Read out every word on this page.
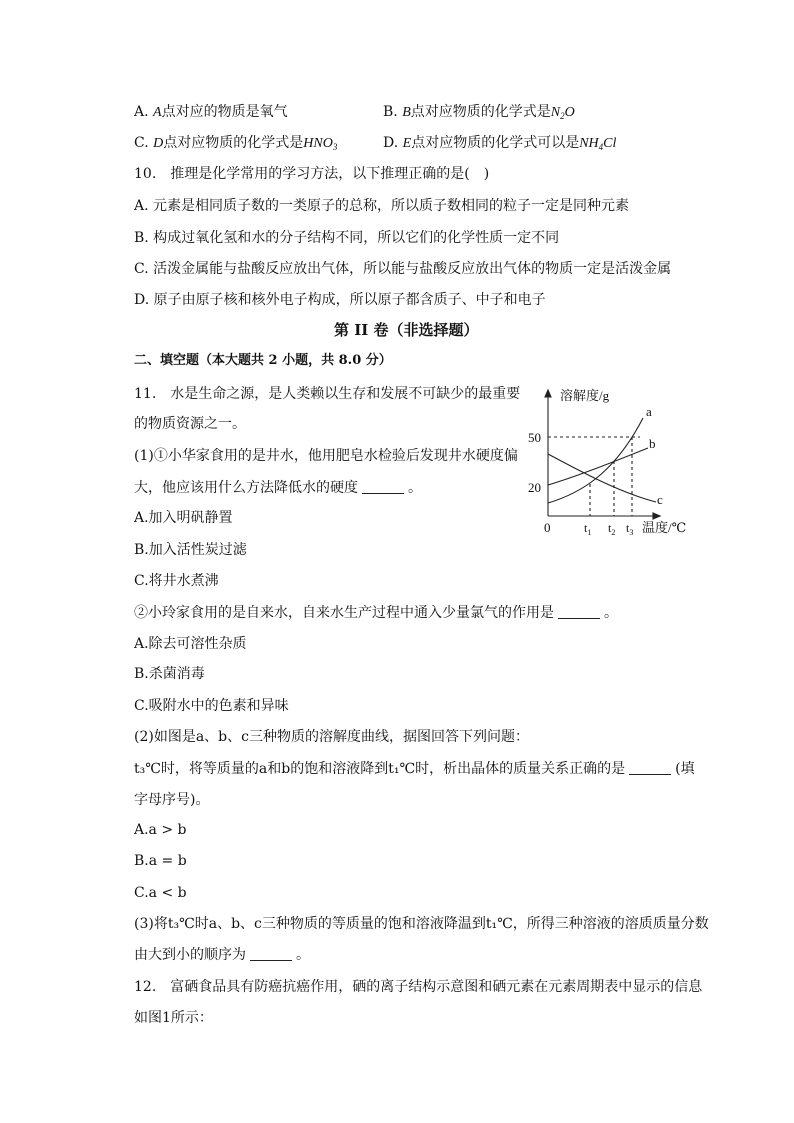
A. A点对应的物质是氧气	B. B点对应物质的化学式是$N_2O$
C. D点对应物质的化学式是$HNO_3$	D. E点对应物质的化学式可以是$NH_4Cl$
10.　推理是化学常用的学习方法，以下推理正确的是(　)
A. 元素是相同质子数的一类原子的总称，所以质子数相同的粒子一定是同种元素
B. 构成过氧化氢和水的分子结构不同，所以它们的化学性质一定不同
C. 活泼金属能与盐酸反应放出气体，所以能与盐酸反应放出气体的物质一定是活泼金属
D. 原子由原子核和核外电子构成，所以原子都含质子、中子和电子
第 II 卷（非选择题）
二、填空题（本大题共 2 小题，共 8.0 分）
11.　水是生命之源，是人类赖以生存和发展不可缺少的最重要
的物质资源之一。
(1)①小华家食用的是井水，他用肥皂水检验后发现井水硬度偏
大，他应该用什么方法降低水的硬度	。
A.加入明矾静置
B.加入活性炭过滤
C.将井水煮沸
②小玲家食用的是自来水，自来水生产过程中通入少量氯气的作用是	。
A.除去可溶性杂质
B.杀菌消毒
C.吸附水中的色素和异味
(2)如图是a、b、c三种物质的溶解度曲线，据图回答下列问题：
t₃℃时，将等质量的a和b的饱和溶液降到t₁℃时，析出晶体的质量关系正确的是	(填
字母序号)。
A.a > b
B.a = b
C.a < b
(3)将t₃℃时a、b、c三种物质的等质量的饱和溶液降温到t₁℃，所得三种溶液的溶质质量分数
由大到小的顺序为	。
12.　富硒食品具有防癌抗癌作用，硒的离子结构示意图和硒元素在元素周期表中显示的信息
如图1所示：
溶解度/g
50
20
0
a
b
c
$t_1$ $t_2$ $t_3$ 温度/℃
